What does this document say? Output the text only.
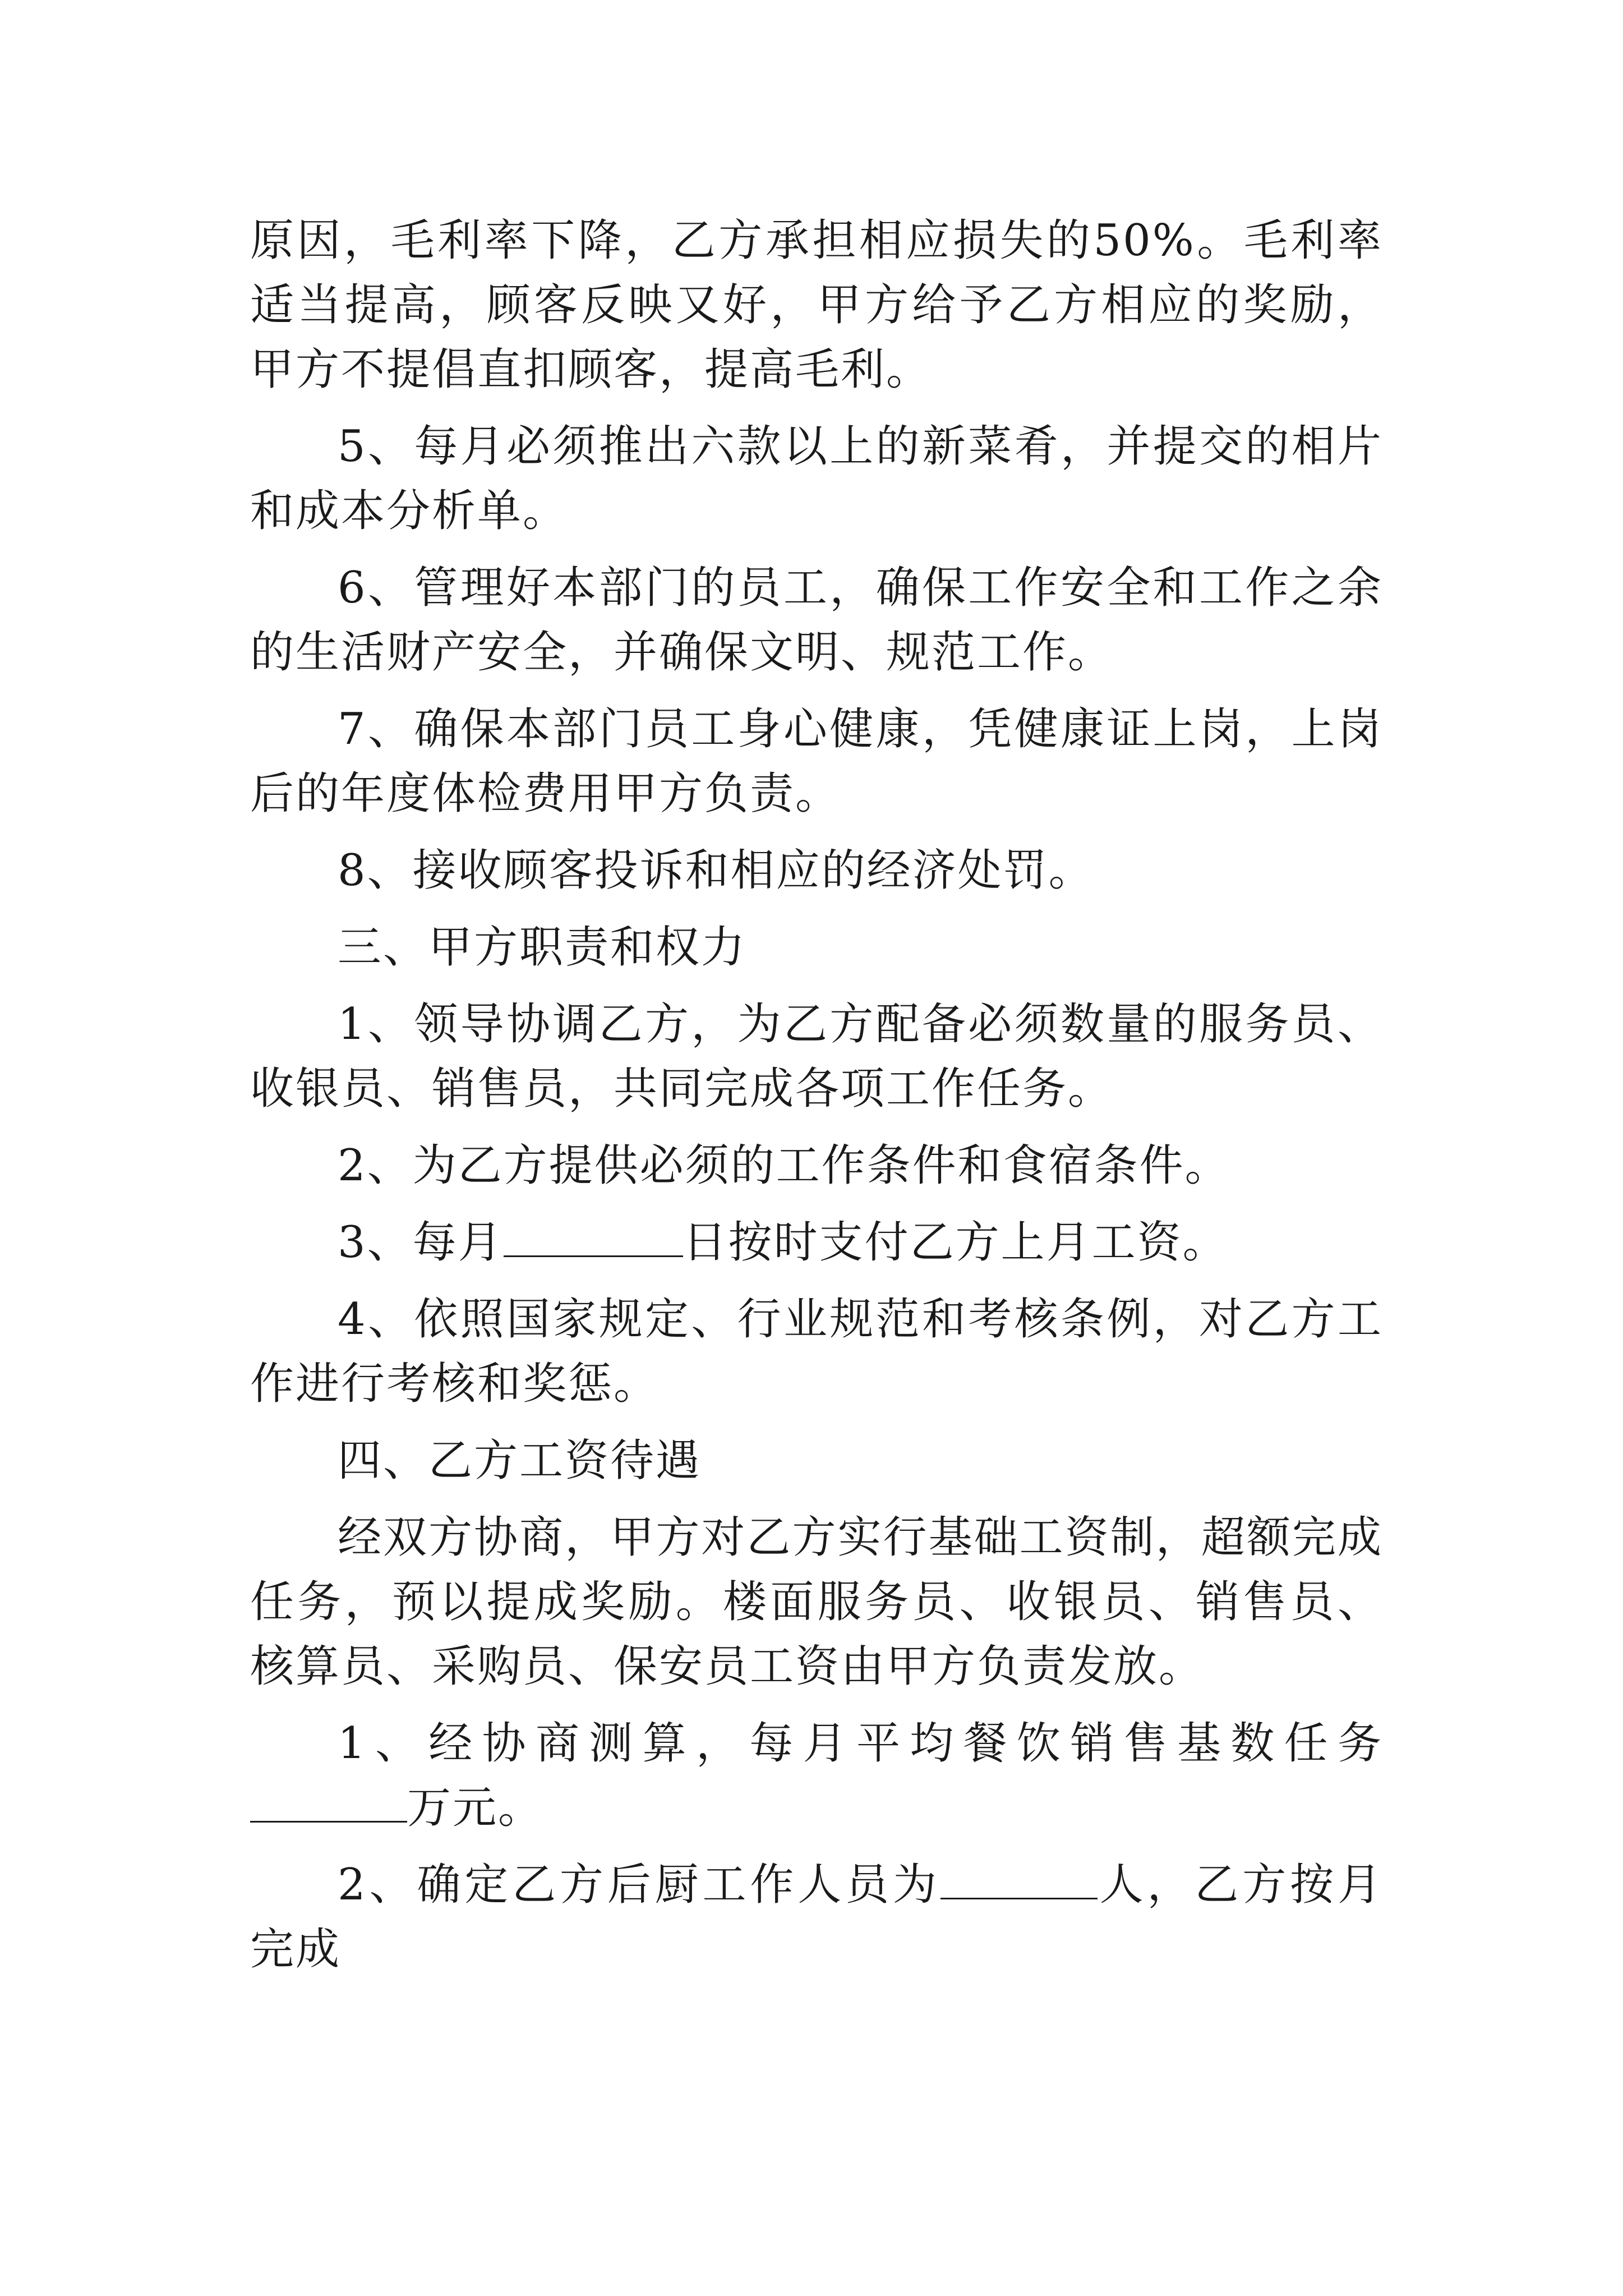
原因，毛利率下降，乙方承担相应损失的50%。毛利率适当提高，顾客反映又好，甲方给予乙方相应的奖励，甲方不提倡直扣顾客，提高毛利。

5、每月必须推出六款以上的新菜肴，并提交的相片和成本分析单。

6、管理好本部门的员工，确保工作安全和工作之余的生活财产安全，并确保文明、规范工作。

7、确保本部门员工身心健康，凭健康证上岗，上岗后的年度体检费用甲方负责。

8、接收顾客投诉和相应的经济处罚。

三、甲方职责和权力

1、领导协调乙方，为乙方配备必须数量的服务员、收银员、销售员，共同完成各项工作任务。

2、为乙方提供必须的工作条件和食宿条件。

3、每月	日按时支付乙方上月工资。

4、依照国家规定、行业规范和考核条例，对乙方工作进行考核和奖惩。

四、乙方工资待遇

经双方协商，甲方对乙方实行基础工资制，超额完成任务，预以提成奖励。楼面服务员、收银员、销售员、核算员、采购员、保安员工资由甲方负责发放。

1、经协商测算，每月平均餐饮销售基数任务万元。

2、确定乙方后厨工作人员为	人，乙方按月完成
